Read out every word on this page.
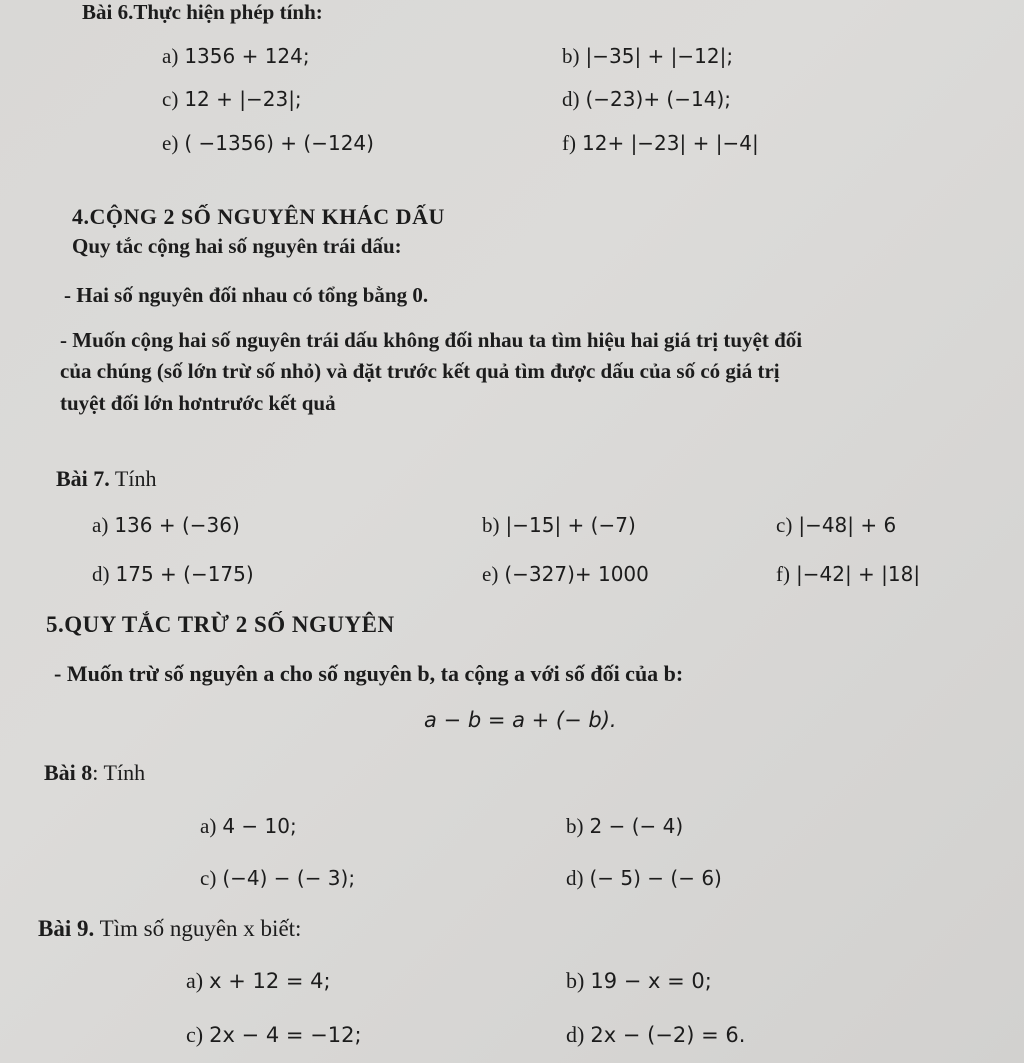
Bài 6.Thực hiện phép tính:
a) 1356 + 124;	b) |−35| + |−12|;
c) 12 + |−23|;	d) (−23)+ (−14);
e) ( −1356) + (−124)	f) 12+ |−23| + |−4|
4.CỘNG 2 SỐ NGUYÊN KHÁC DẤU
Quy tắc cộng hai số nguyên trái dấu:
- Hai số nguyên đối nhau có tổng bằng 0.
- Muốn cộng hai số nguyên trái dấu không đối nhau ta tìm hiệu hai giá trị tuyệt đối
của chúng (số lớn trừ số nhỏ) và đặt trước kết quả tìm được dấu của số có giá trị
tuyệt đối lớn hơntrước kết quả
Bài 7. Tính
a) 136 + (−36)	b) |−15| + (−7)	c) |−48| + 6
d) 175 + (−175)	e) (−327)+ 1000	f) |−42| + |18|
5.QUY TẮC TRỪ 2 SỐ NGUYÊN
- Muốn trừ số nguyên a cho số nguyên b, ta cộng a với số đối của b:
a − b = a + (− b).
Bài 8: Tính
a) 4 − 10;	b) 2 − (− 4)
c) (−4) − (− 3);	d) (− 5) − (− 6)
Bài 9. Tìm số nguyên x biết:
a) x + 12 = 4;	b) 19 − x = 0;
c) 2x − 4 = −12;	d) 2x − (−2) = 6.
